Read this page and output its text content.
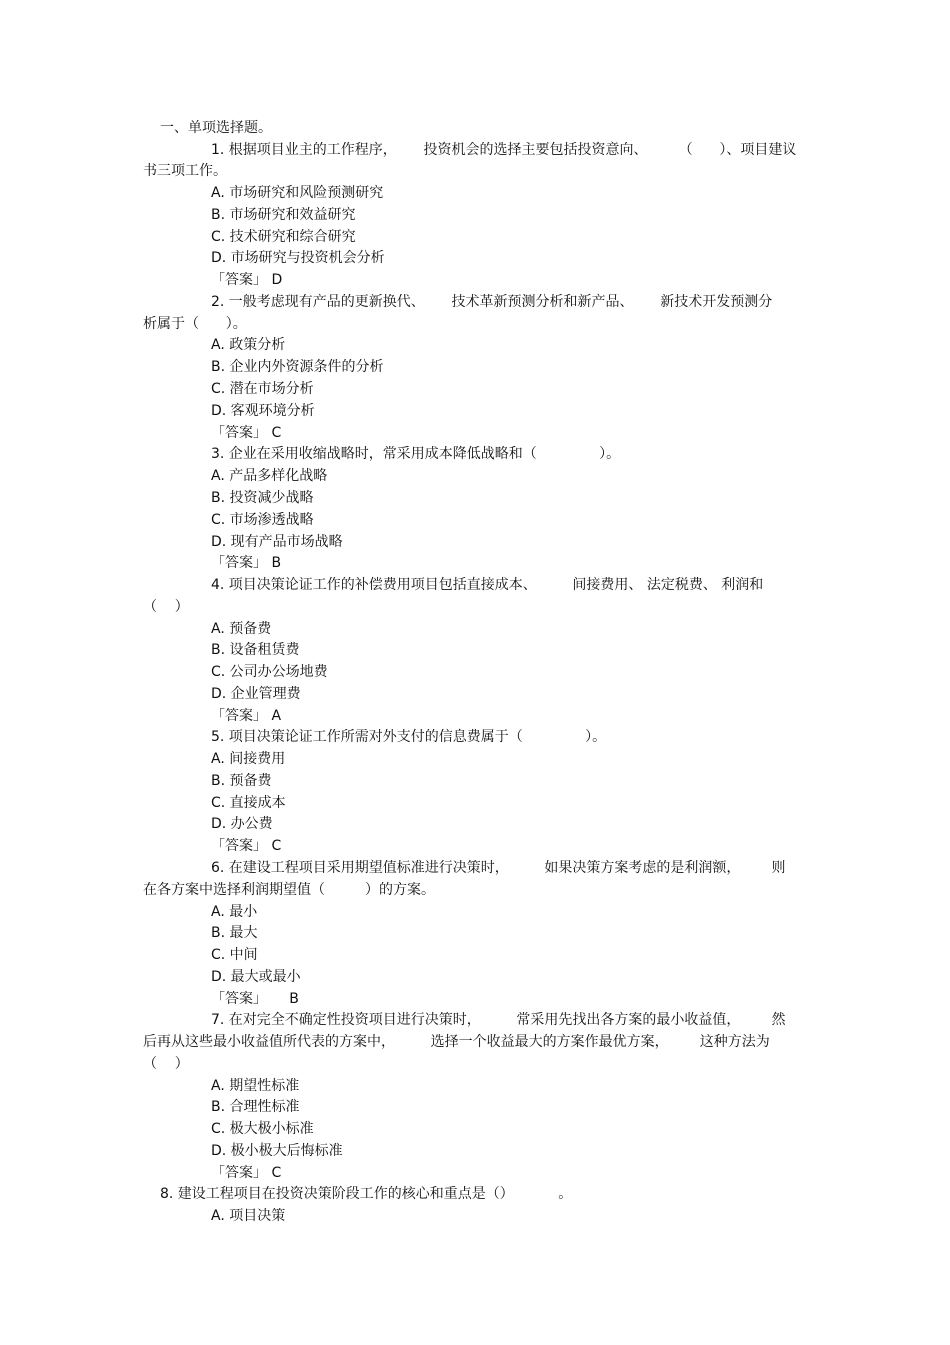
一、单项选择题。
1. 根据项目业主的工作程序，      投资机会的选择主要包括投资意向、       （      ）、项目建议
书三项工作。
A. 市场研究和风险预测研究
B. 市场研究和效益研究
C. 技术研究和综合研究
D. 市场研究与投资机会分析
「答案」 D
2. 一般考虑现有产品的更新换代、      技术革新预测分析和新产品、      新技术开发预测分
析属于（      ）。
A. 政策分析
B. 企业内外资源条件的分析
C. 潜在市场分析
D. 客观环境分析
「答案」 C
3. 企业在采用收缩战略时，常采用成本降低战略和（              ）。
A. 产品多样化战略
B. 投资减少战略
C. 市场渗透战略
D. 现有产品市场战略
「答案」 B
4. 项目决策论证工作的补偿费用项目包括直接成本、        间接费用、 法定税费、 利润和
（    ）
A. 预备费
B. 设备租赁费
C. 公司办公场地费
D. 企业管理费
「答案」 A
5. 项目决策论证工作所需对外支付的信息费属于（              ）。
A. 间接费用
B. 预备费
C. 直接成本
D. 办公费
「答案」 C
6. 在建设工程项目采用期望值标准进行决策时，        如果决策方案考虑的是利润额，       则
在各方案中选择利润期望值（         ）的方案。
A. 最小
B. 最大
C. 中间
D. 最大或最小
「答案」     B
7. 在对完全不确定性投资项目进行决策时，        常采用先找出各方案的最小收益值，       然
后再从这些最小收益值所代表的方案中，        选择一个收益最大的方案作最优方案，       这种方法为
（    ）
A. 期望性标准
B. 合理性标准
C. 极大极小标准
D. 极小极大后悔标准
「答案」 C
8. 建设工程项目在投资决策阶段工作的核心和重点是（）          。
A. 项目决策
